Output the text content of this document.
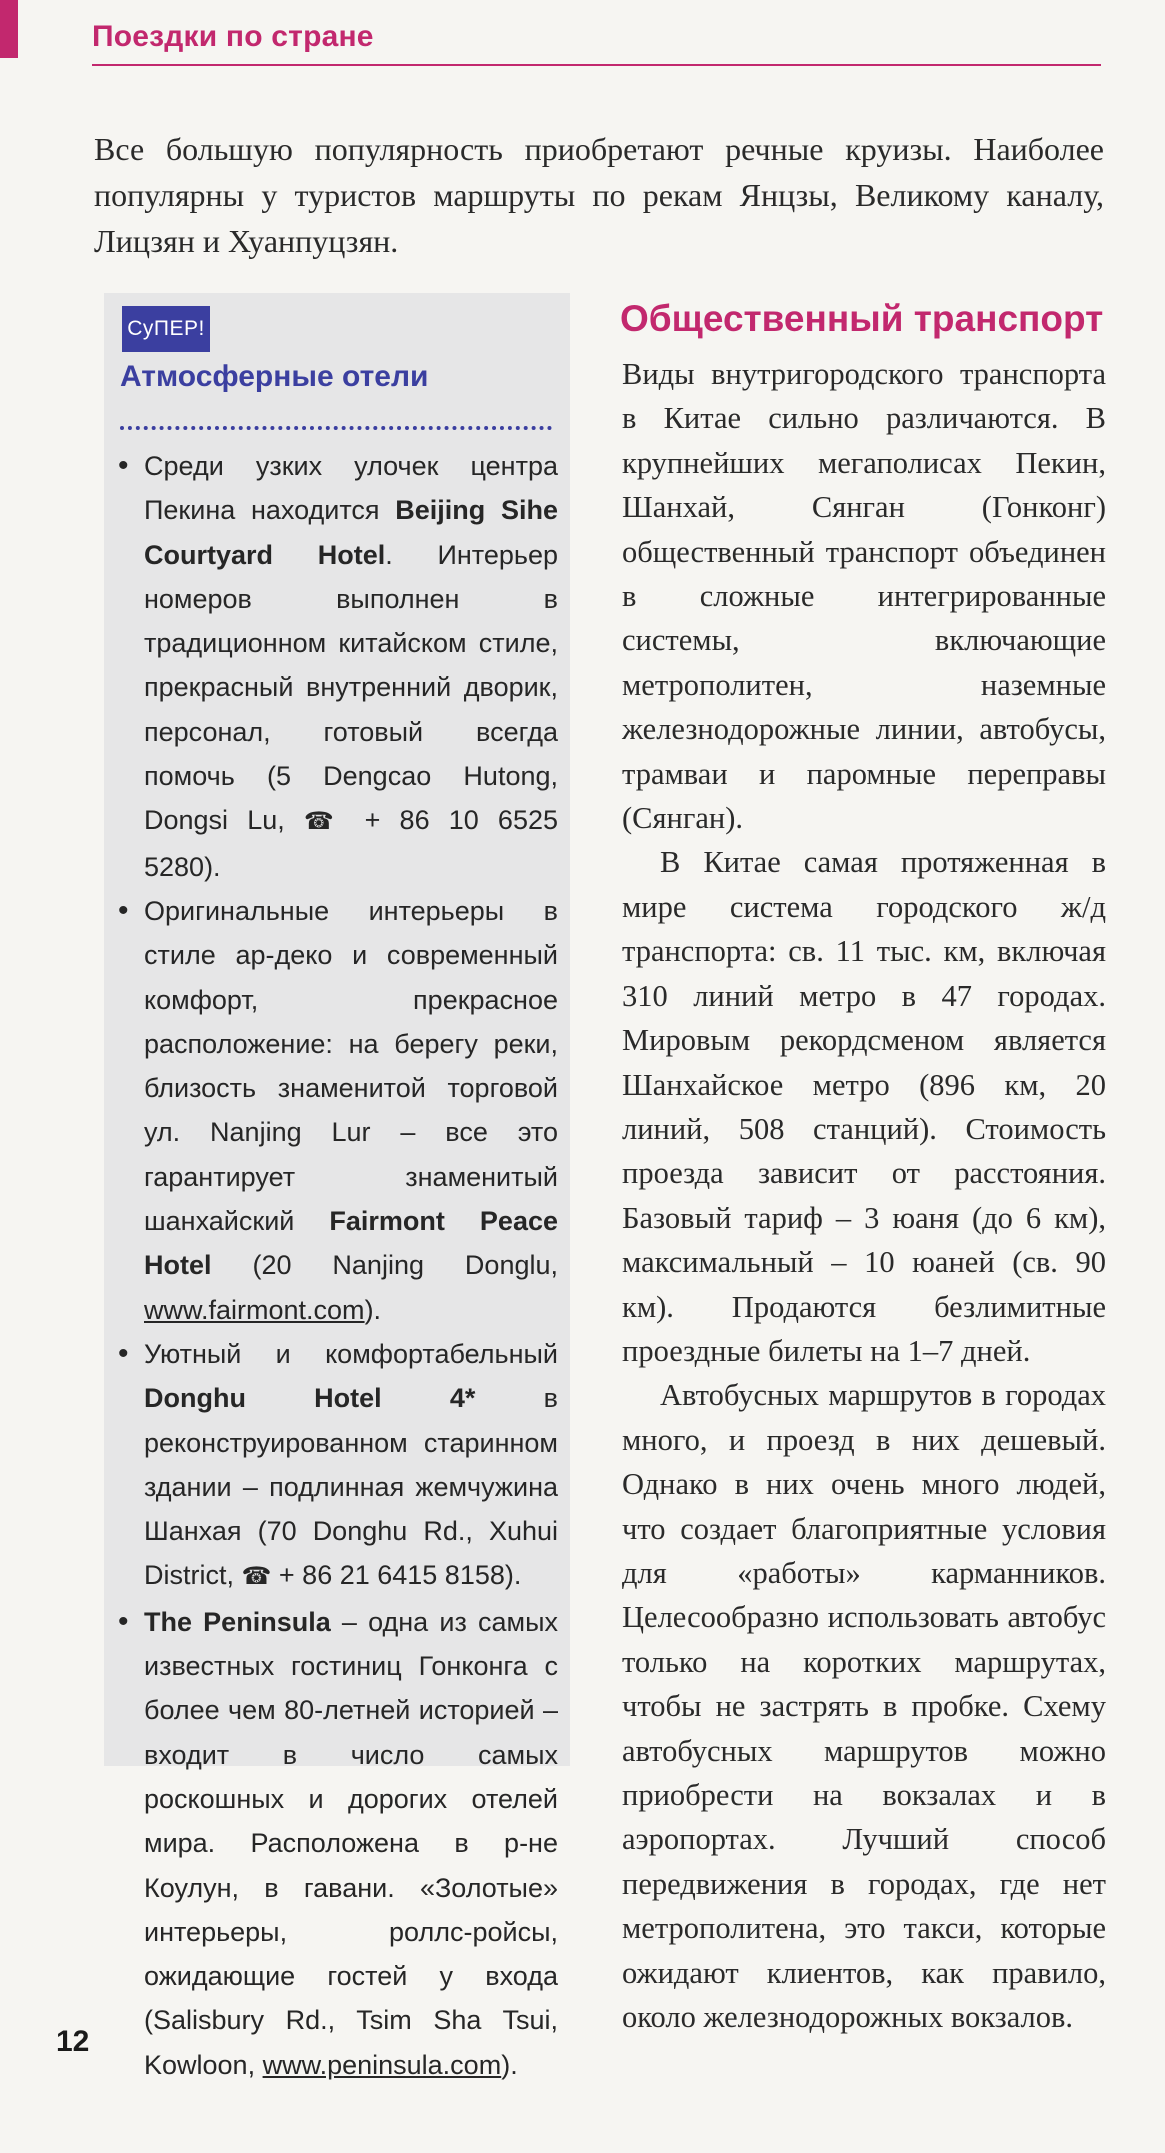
Поездки по стране

Все большую популярность приобретают речные круизы. Наиболее популярны у туристов маршруты по рекам Янцзы, Великому каналу, Лицзян и Хуанпуцзян.

СуПЕР!
Атмосферные отели
• Среди узких улочек центра Пекина находится Beijing Sihe Courtyard Hotel. Интерьер номеров выполнен в традиционном китайском стиле, прекрасный внутренний дворик, персонал, готовый всегда помочь (5 Dengcao Hutong, Dongsi Lu, ☎ + 86 10 6525 5280).
• Оригинальные интерьеры в стиле ар-деко и современный комфорт, прекрасное расположение: на берегу реки, близость знаменитой торговой ул. Nanjing Lur – все это гарантирует знаменитый шанхайский Fairmont Peace Hotel (20 Nanjing Donglu, www.fairmont.com).
• Уютный и комфортабельный Donghu Hotel 4* в реконструированном старинном здании – подлинная жемчужина Шанхая (70 Donghu Rd., Xuhui District, ☎ + 86 21 6415 8158).
• The Peninsula – одна из самых известных гостиниц Гонконга с более чем 80-летней историей – входит в число самых роскошных и дорогих отелей мира. Расположена в р-не Коулун, в гавани. «Золотые» интерьеры, роллс-ройсы, ожидающие гостей у входа (Salisbury Rd., Tsim Sha Tsui, Kowloon, www.peninsula.com).
Общественный транспорт

Виды внутригородского транспорта в Китае сильно различаются. В крупнейших мегаполисах Пекин, Шанхай, Сянган (Гонконг) общественный транспорт объединен в сложные интегрированные системы, включающие метрополитен, наземные железнодорожные линии, автобусы, трамваи и паромные переправы (Сянган).

В Китае самая протяженная в мире система городского ж/д транспорта: св. 11 тыс. км, включая 310 линий метро в 47 городах. Мировым рекордсменом является Шанхайское метро (896 км, 20 линий, 508 станций). Стоимость проезда зависит от расстояния. Базовый тариф – 3 юаня (до 6 км), максимальный – 10 юаней (св. 90 км). Продаются безлимитные проездные билеты на 1–7 дней.

Автобусных маршрутов в городах много, и проезд в них дешевый. Однако в них очень много людей, что создает благоприятные условия для «работы» карманников. Целесообразно использовать автобус только на коротких маршрутах, чтобы не застрять в пробке. Схему автобусных маршрутов можно приобрести на вокзалах и в аэропортах. Лучший способ передвижения в городах, где нет метрополитена, это такси, которые ожидают клиентов, как правило, около железнодорожных вокзалов.

12
